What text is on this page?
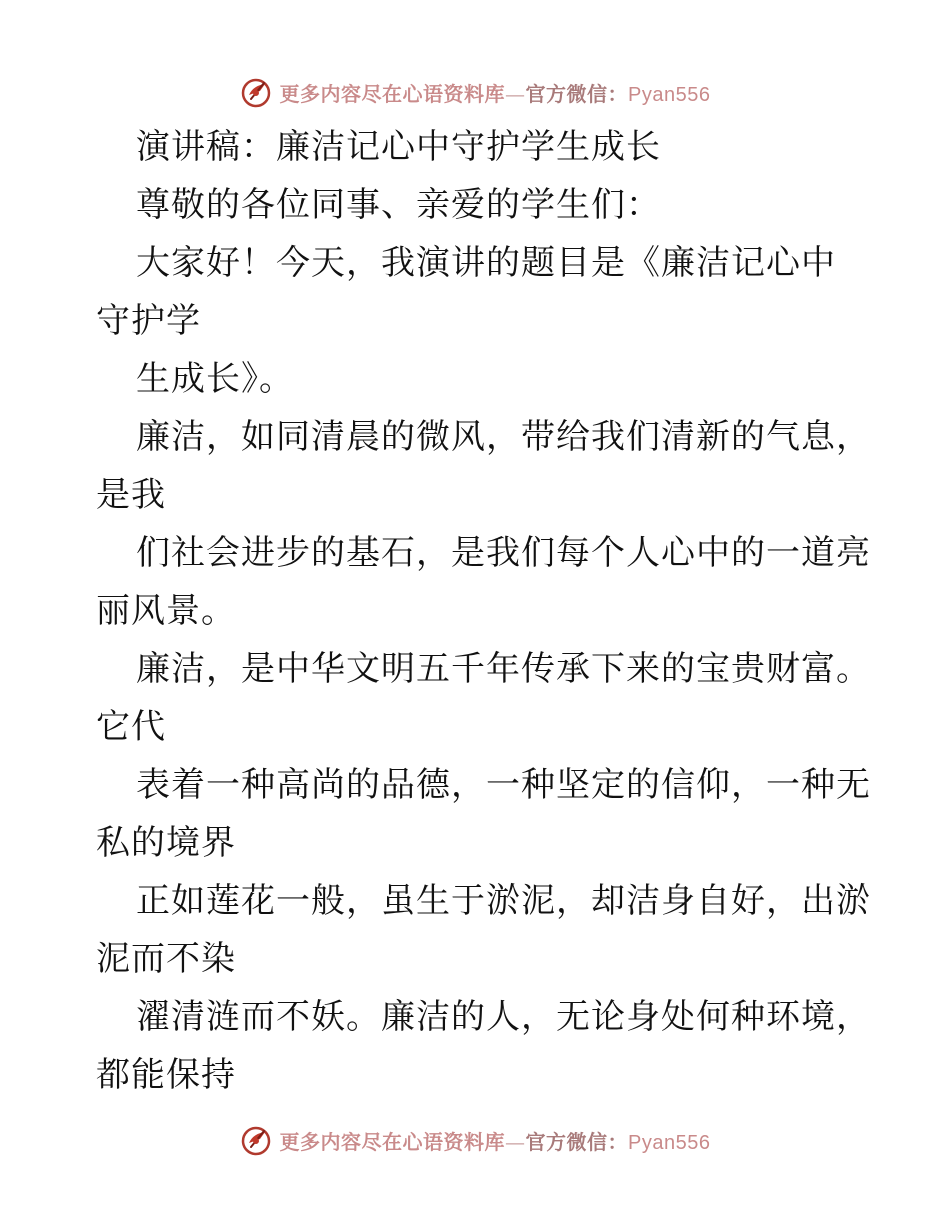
更多内容尽在心语资料库—官方微信：Pyan556
演讲稿：廉洁记心中守护学生成长
尊敬的各位同事、亲爱的学生们：
大家好！今天，我演讲的题目是《廉洁记心中
守护学
生成长》。
廉洁，如同清晨的微风，带给我们清新的气息，
是我
们社会进步的基石，是我们每个人心中的一道亮
丽风景。
廉洁，是中华文明五千年传承下来的宝贵财富。
它代
表着一种高尚的品德，一种坚定的信仰，一种无
私的境界
正如莲花一般，虽生于淤泥，却洁身自好，出淤
泥而不染
濯清涟而不妖。廉洁的人，无论身处何种环境，
都能保持
更多内容尽在心语资料库—官方微信：Pyan556
